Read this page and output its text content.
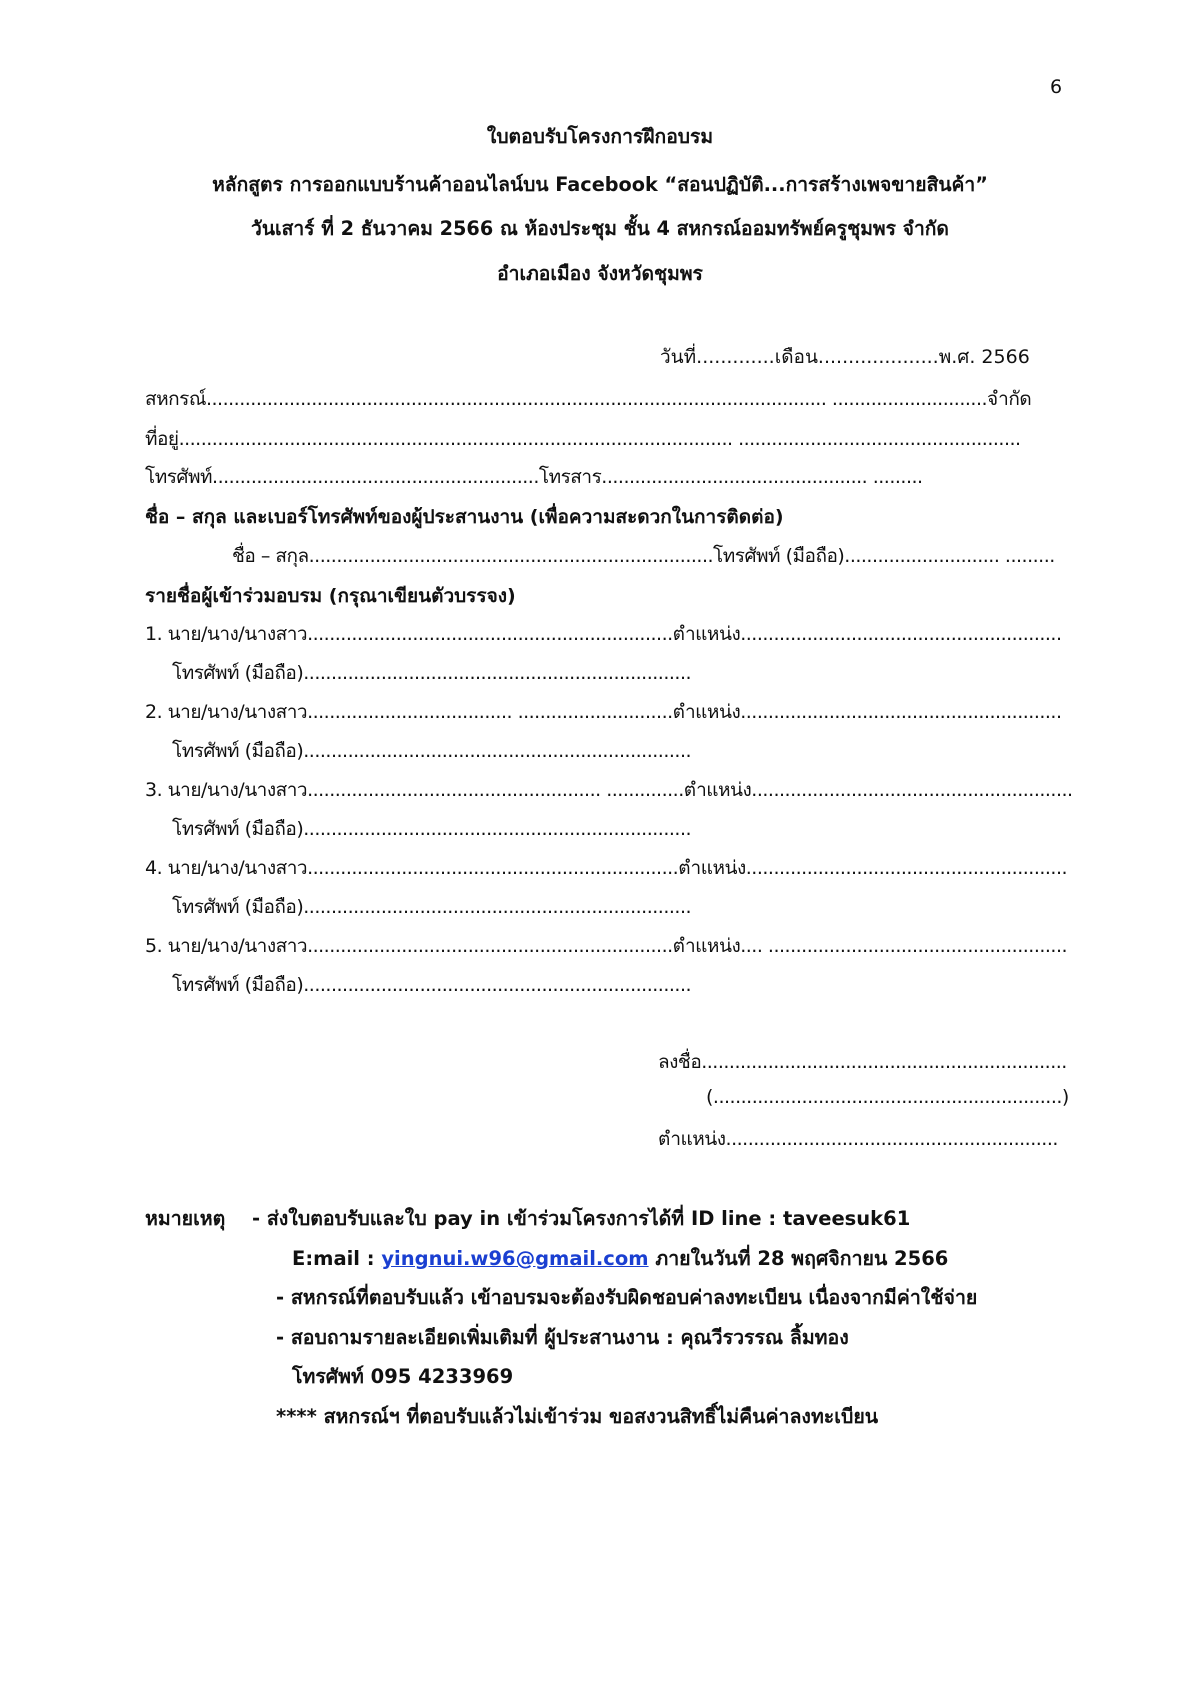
6
ใบตอบรับโครงการฝึกอบรม
หลักสูตร การออกแบบร้านค้าออนไลน์บน Facebook “สอนปฏิบัติ...การสร้างเพจขายสินค้า”
วันเสาร์ ที่ 2 ธันวาคม 2566 ณ ห้องประชุม ชั้น 4 สหกรณ์ออมทรัพย์ครูชุมพร จำกัด
อำเภอเมือง จังหวัดชุมพร
วันที่.............เดือน....................พ.ศ. 2566
สหกรณ์................................................................................................................ ............................จำกัด
ที่อยู่.................................................................................................... ...................................................
โทรศัพท์...........................................................โทรสาร................................................ .........
ชื่อ – สกุล และเบอร์โทรศัพท์ของผู้ประสานงาน (เพื่อความสะดวกในการติดต่อ)
ชื่อ – สกุล.........................................................................โทรศัพท์ (มือถือ)............................ .........
รายชื่อผู้เข้าร่วมอบรม (กรุณาเขียนตัวบรรจง)
1. นาย/นาง/นางสาว..................................................................ตำแหน่ง..........................................................
โทรศัพท์ (มือถือ)......................................................................
2. นาย/นาง/นางสาว..................................... ............................ตำแหน่ง..........................................................
โทรศัพท์ (มือถือ)......................................................................
3. นาย/นาง/นางสาว..................................................... ..............ตำแหน่ง..........................................................
โทรศัพท์ (มือถือ)......................................................................
4. นาย/นาง/นางสาว...................................................................ตำแหน่ง..........................................................
โทรศัพท์ (มือถือ)......................................................................
5. นาย/นาง/นางสาว..................................................................ตำแหน่ง.... ......................................................
โทรศัพท์ (มือถือ)......................................................................
ลงชื่อ..................................................................
(...............................................................)
ตำแหน่ง............................................................
หมายเหตุ - ส่งใบตอบรับและใบ pay in เข้าร่วมโครงการได้ที่ ID line : taveesuk61
E:mail : yingnui.w96@gmail.com ภายในวันที่ 28 พฤศจิกายน 2566
- สหกรณ์ที่ตอบรับแล้ว เข้าอบรมจะต้องรับผิดชอบค่าลงทะเบียน เนื่องจากมีค่าใช้จ่าย
- สอบถามรายละเอียดเพิ่มเติมที่ ผู้ประสานงาน : คุณวีรวรรณ ลิ้มทอง
โทรศัพท์ 095 4233969
**** สหกรณ์ฯ ที่ตอบรับแล้วไม่เข้าร่วม ขอสงวนสิทธิ์ไม่คืนค่าลงทะเบียน
